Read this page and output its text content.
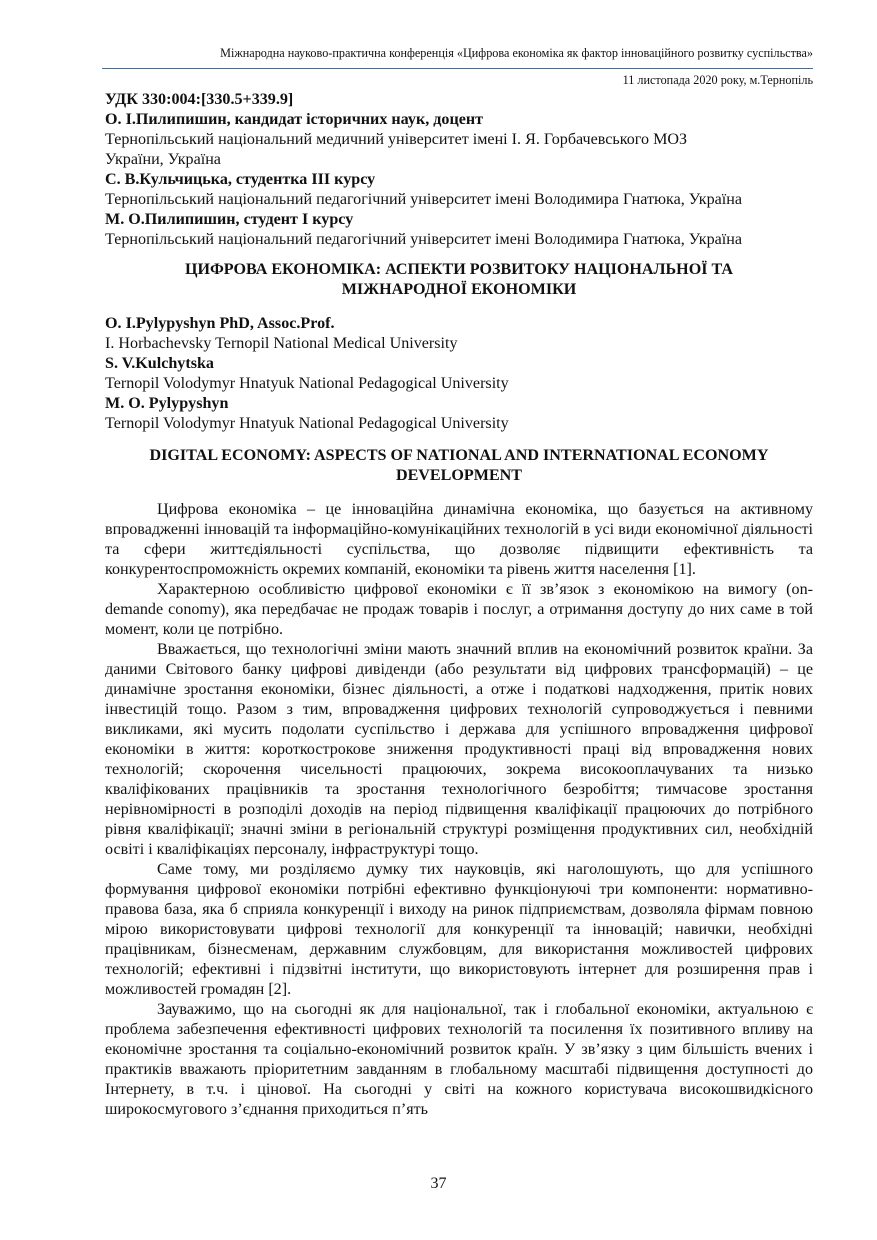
Міжнародна науково-практична конференція «Цифрова економіка як фактор інноваційного розвитку суспільства»
11 листопада 2020 року, м.Тернопіль

УДК 330:004:[330.5+339.9]

О. І.Пилипишин, кандидат історичних наук, доцент

Тернопільський національний медичний університет імені І. Я. Горбачевського МОЗ

України, Україна

С. В.Кульчицька, студентка ІІІ курсу

Тернопільський національний педагогічний університет імені Володимира Гнатюка, Україна

М. О.Пилипишин, студент І курсу

Тернопільський національний педагогічний університет імені Володимира Гнатюка, Україна

ЦИФРОВА ЕКОНОМІКА: АСПЕКТИ РОЗВИТОКУ НАЦІОНАЛЬНОЇ ТА

МІЖНАРОДНОЇ ЕКОНОМІКИ

O. I.Pylypyshyn PhD, Assoc.Prof.

I. Horbachevsky Ternopil National Medical University

S. V.Kulchytska

Ternopil Volodymyr Hnatyuk National Pedagogical University

M. O. Pylypyshyn

Ternopil Volodymyr Hnatyuk National Pedagogical University

DIGITAL ECONOMY: ASPECTS OF NATIONAL AND INTERNATIONAL ECONOMY

DEVELOPMENT

Цифрова економіка – це інноваційна динамічна економіка, що базується на активному впровадженні інновацій та інформаційно-комунікаційних технологій в усі види економічної діяльності та сфери життєдіяльності суспільства, що дозволяє підвищити ефективність та конкурентоспроможність окремих компаній, економіки та рівень життя населення [1].

Характерною особливістю цифрової економіки є її зв’язок з економікою на вимогу (on-demande conomy), яка передбачає не продаж товарів і послуг, а отримання доступу до них саме в той момент, коли це потрібно.

Вважається, що технологічні зміни мають значний вплив на економічний розвиток країни. За даними Світового банку цифрові дивіденди (або результати від цифрових трансформацій) – це динамічне зростання економіки, бізнес діяльності, а отже і податкові надходження, притік нових інвестицій тощо. Разом з тим, впровадження цифрових технологій супроводжується і певними викликами, які мусить подолати суспільство і держава для успішного впровадження цифрової економіки в життя: короткострокове зниження продуктивності праці від впровадження нових технологій; скорочення чисельності працюючих, зокрема високооплачуваних та низько кваліфікованих працівників та зростання технологічного безробіття; тимчасове зростання нерівномірності в розподілі доходів на період підвищення кваліфікації працюючих до потрібного рівня кваліфікації; значні зміни в регіональній структурі розміщення продуктивних сил, необхідній освіті і кваліфікаціях персоналу, інфраструктурі тощо.

Саме тому, ми розділяємо думку тих науковців, які наголошують, що для успішного формування цифрової економіки потрібні ефективно функціонуючі три компоненти: нормативно-правова база, яка б сприяла конкуренції і виходу на ринок підприємствам, дозволяла фірмам повною мірою використовувати цифрові технології для конкуренції та інновацій; навички, необхідні працівникам, бізнесменам, державним службовцям, для використання можливостей цифрових технологій; ефективні і підзвітні інститути, що використовують інтернет для розширення прав і можливостей громадян [2].

Зауважимо, що на сьогодні як для національної, так і глобальної економіки, актуальною є проблема забезпечення ефективності цифрових технологій та посилення їх позитивного впливу на економічне зростання та соціально-економічний розвиток країн. У зв’язку з цим більшість вчених і практиків вважають пріоритетним завданням в глобальному масштабі підвищення доступності до Інтернету, в т.ч. і цінової. На сьогодні у світі на кожного користувача високошвидкісного широкосмугового з’єднання приходиться п’ять

37
